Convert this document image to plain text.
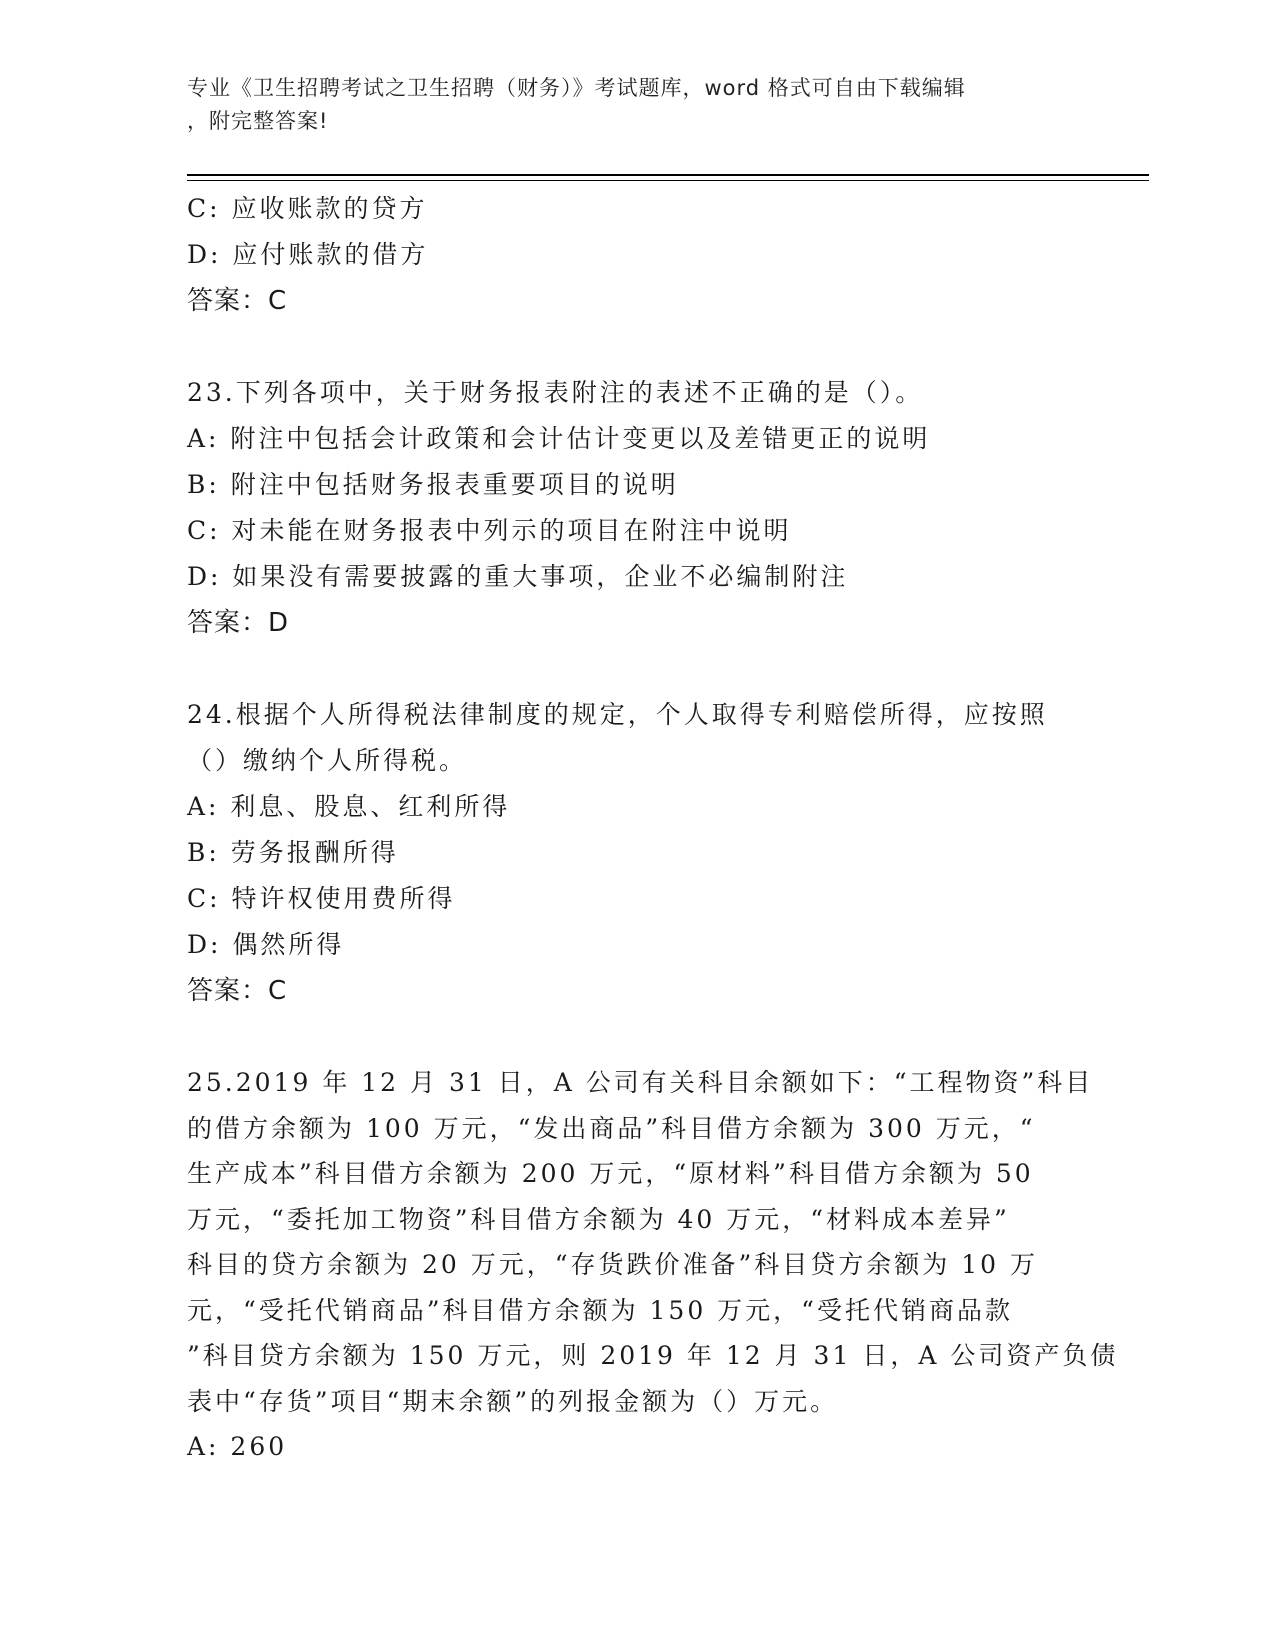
专业《卫生招聘考试之卫生招聘（财务）》考试题库，word 格式可自由下载编辑
，附完整答案!
C: 应收账款的贷方
D: 应付账款的借方
答案：C
23.下列各项中，关于财务报表附注的表述不正确的是（）。
A: 附注中包括会计政策和会计估计变更以及差错更正的说明
B: 附注中包括财务报表重要项目的说明
C: 对未能在财务报表中列示的项目在附注中说明
D: 如果没有需要披露的重大事项，企业不必编制附注
答案：D
24.根据个人所得税法律制度的规定，个人取得专利赔偿所得，应按照
（）缴纳个人所得税。
A: 利息、股息、红利所得
B: 劳务报酬所得
C: 特许权使用费所得
D: 偶然所得
答案：C
25.2019 年 12 月 31 日，A 公司有关科目余额如下：“工程物资”科目
的借方余额为 100 万元，“发出商品”科目借方余额为 300 万元，“
生产成本”科目借方余额为 200 万元，“原材料”科目借方余额为 50
万元，“委托加工物资”科目借方余额为 40 万元，“材料成本差异”
科目的贷方余额为 20 万元，“存货跌价准备”科目贷方余额为 10 万
元，“受托代销商品”科目借方余额为 150 万元，“受托代销商品款
”科目贷方余额为 150 万元，则 2019 年 12 月 31 日，A 公司资产负债
表中“存货”项目“期末余额”的列报金额为（）万元。
A: 260
